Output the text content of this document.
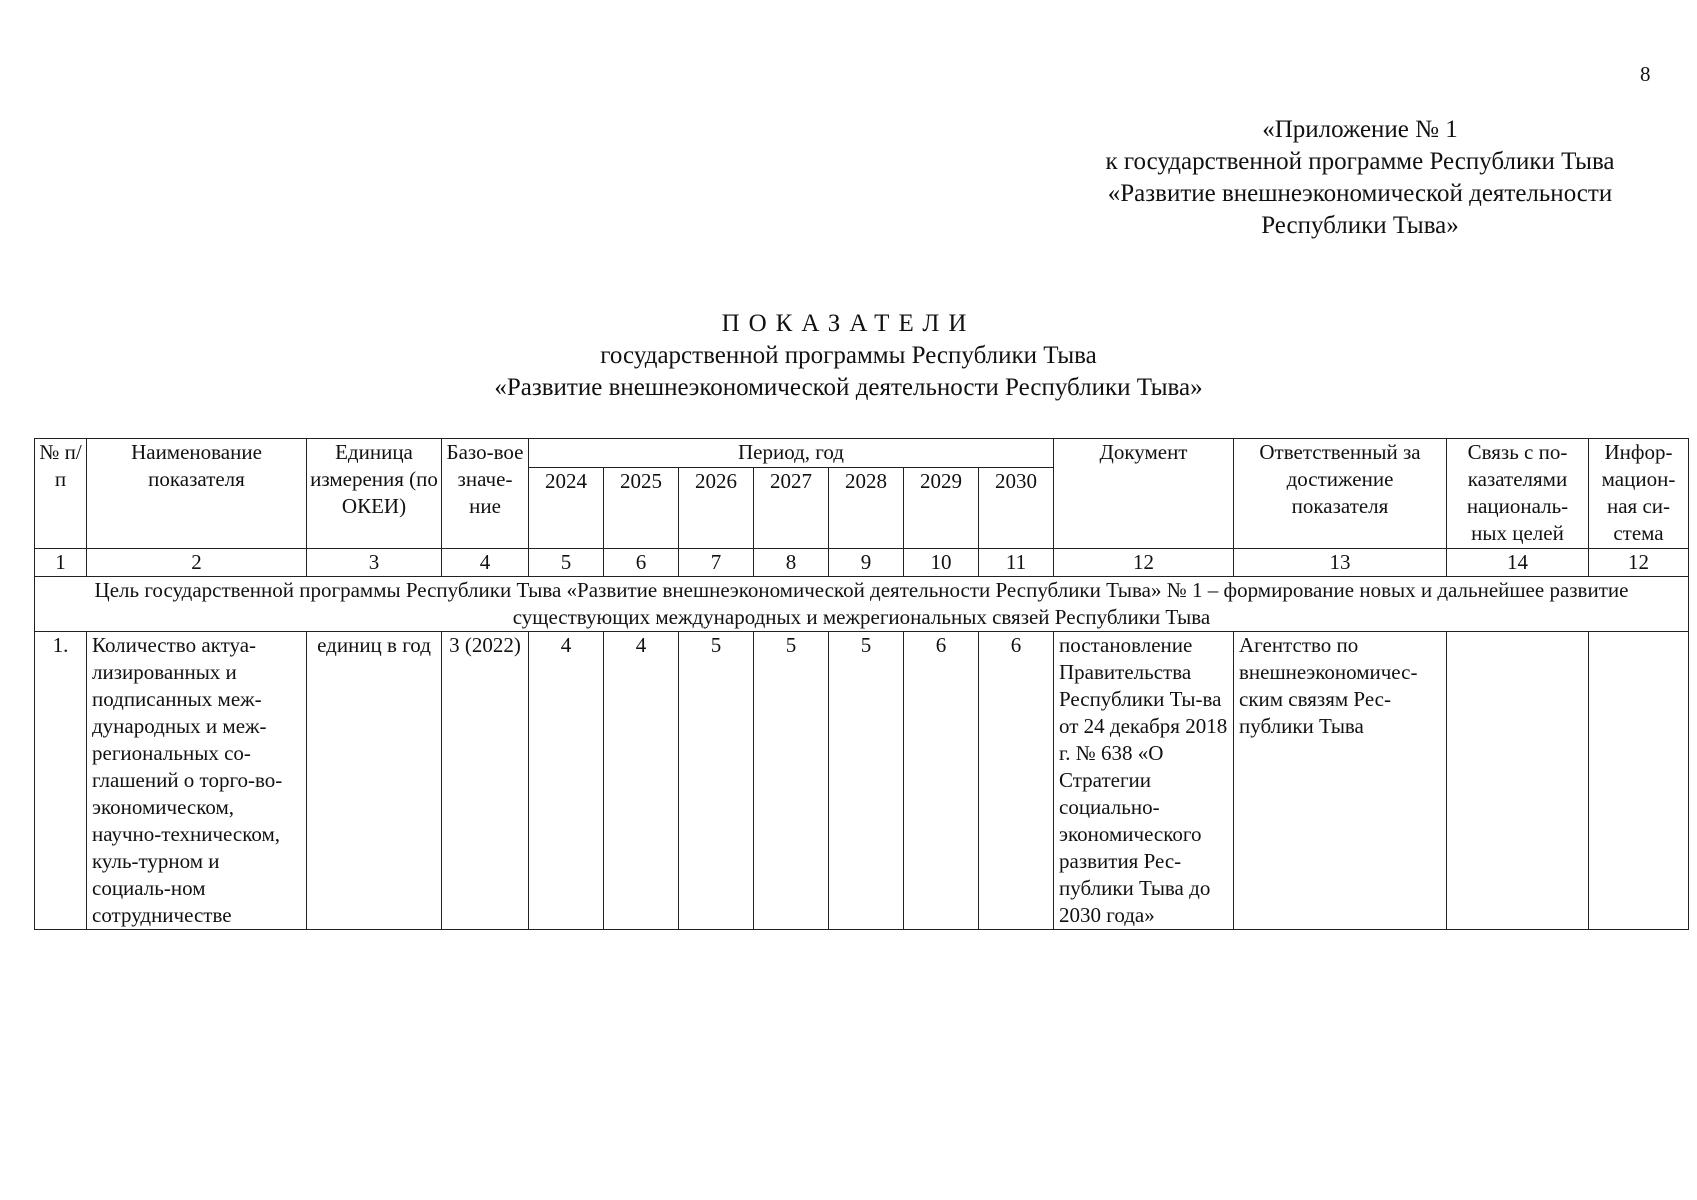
8
«Приложение № 1
к государственной программе Республики Тыва
«Развитие внешнеэкономической деятельности
Республики Тыва»
ПОКАЗАТЕЛИ
государственной программы Республики Тыва
«Развитие внешнеэкономической деятельности Республики Тыва»
№ п/п	Наименование показателя	Единица измерения (по ОКЕИ)	Базо-вое значе-ние	Период, год							Документ	Ответственный за достижение показателя	Связь с по-казателями националь-ных целей	Инфор-мацион-ная си-стема
				2024	2025	2026	2027	2028	2029	2030				
1	2	3	4	5	6	7	8	9	10	11	12	13	14	12
Цель государственной программы Республики Тыва «Развитие внешнеэкономической деятельности Республики Тыва» № 1 – формирование новых и дальнейшее развитие существующих международных и межрегиональных связей Республики Тыва														
1.	Количество актуа-лизированных и подписанных меж-дународных и меж-региональных со-глашений о торго-во-экономическом, научно-техническом, куль-турном и социаль-ном сотрудничестве	единиц в год	3 (2022)	4	4	5	5	5	6	6	постановление Правительства Республики Ты-ва от 24 декабря 2018 г. № 638 «О Стратегии социально-экономического развития Рес-публики Тыва до 2030 года»	Агентство по внешнеэкономичес-ским связям Рес-публики Тыва		
